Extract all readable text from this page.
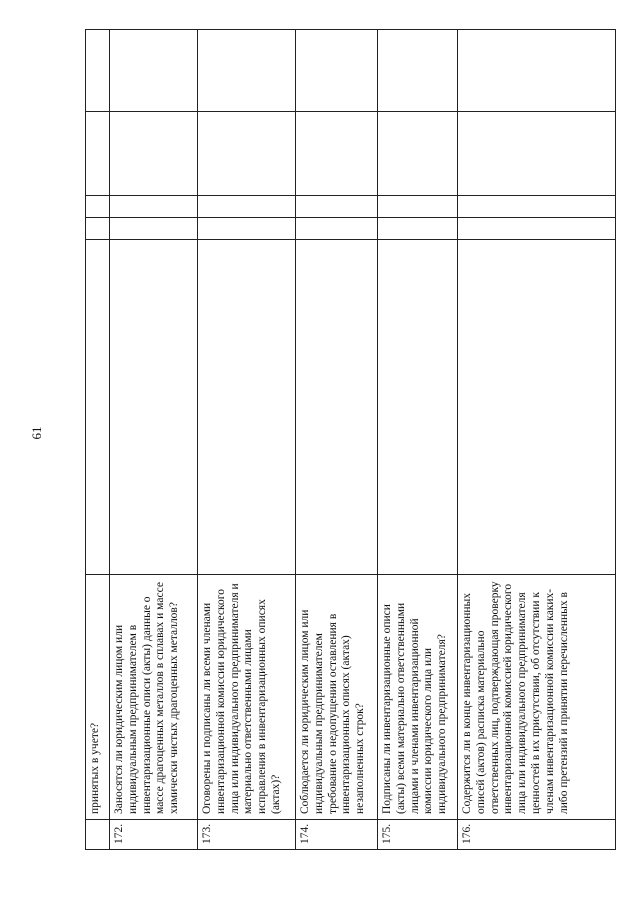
61
	принятых в учете?					
172.	Заносятся ли юридическим лицом или индивидуальным предпринимателем в инвентаризационные описи (акты) данные о массе драгоценных металлов в сплавах и массе химически чистых драгоценных металлов?					
173.	Оговорены и подписаны ли всеми членами инвентаризационной комиссии юридического лица или индивидуального предпринимателя и материально ответственными лицами исправления в инвентаризационных описях (актах)?					
174.	Соблюдается ли юридическим лицом или индивидуальным предпринимателем требование о недопущении оставления в инвентаризационных описях (актах) незаполненных строк?					
175.	Подписаны ли инвентаризационные описи (акты) всеми материально ответственными лицами и членами инвентаризационной комиссии юридического лица или индивидуального предпринимателя?					
176.	Содержится ли в конце инвентаризационных описей (актов) расписка материально ответственных лиц, подтверждающая проверку инвентаризационной комиссией юридического лица или индивидуального предпринимателя ценностей в их присутствии, об отсутствии к членам инвентаризационной комиссии каких-либо претензий и принятии перечисленных в					
